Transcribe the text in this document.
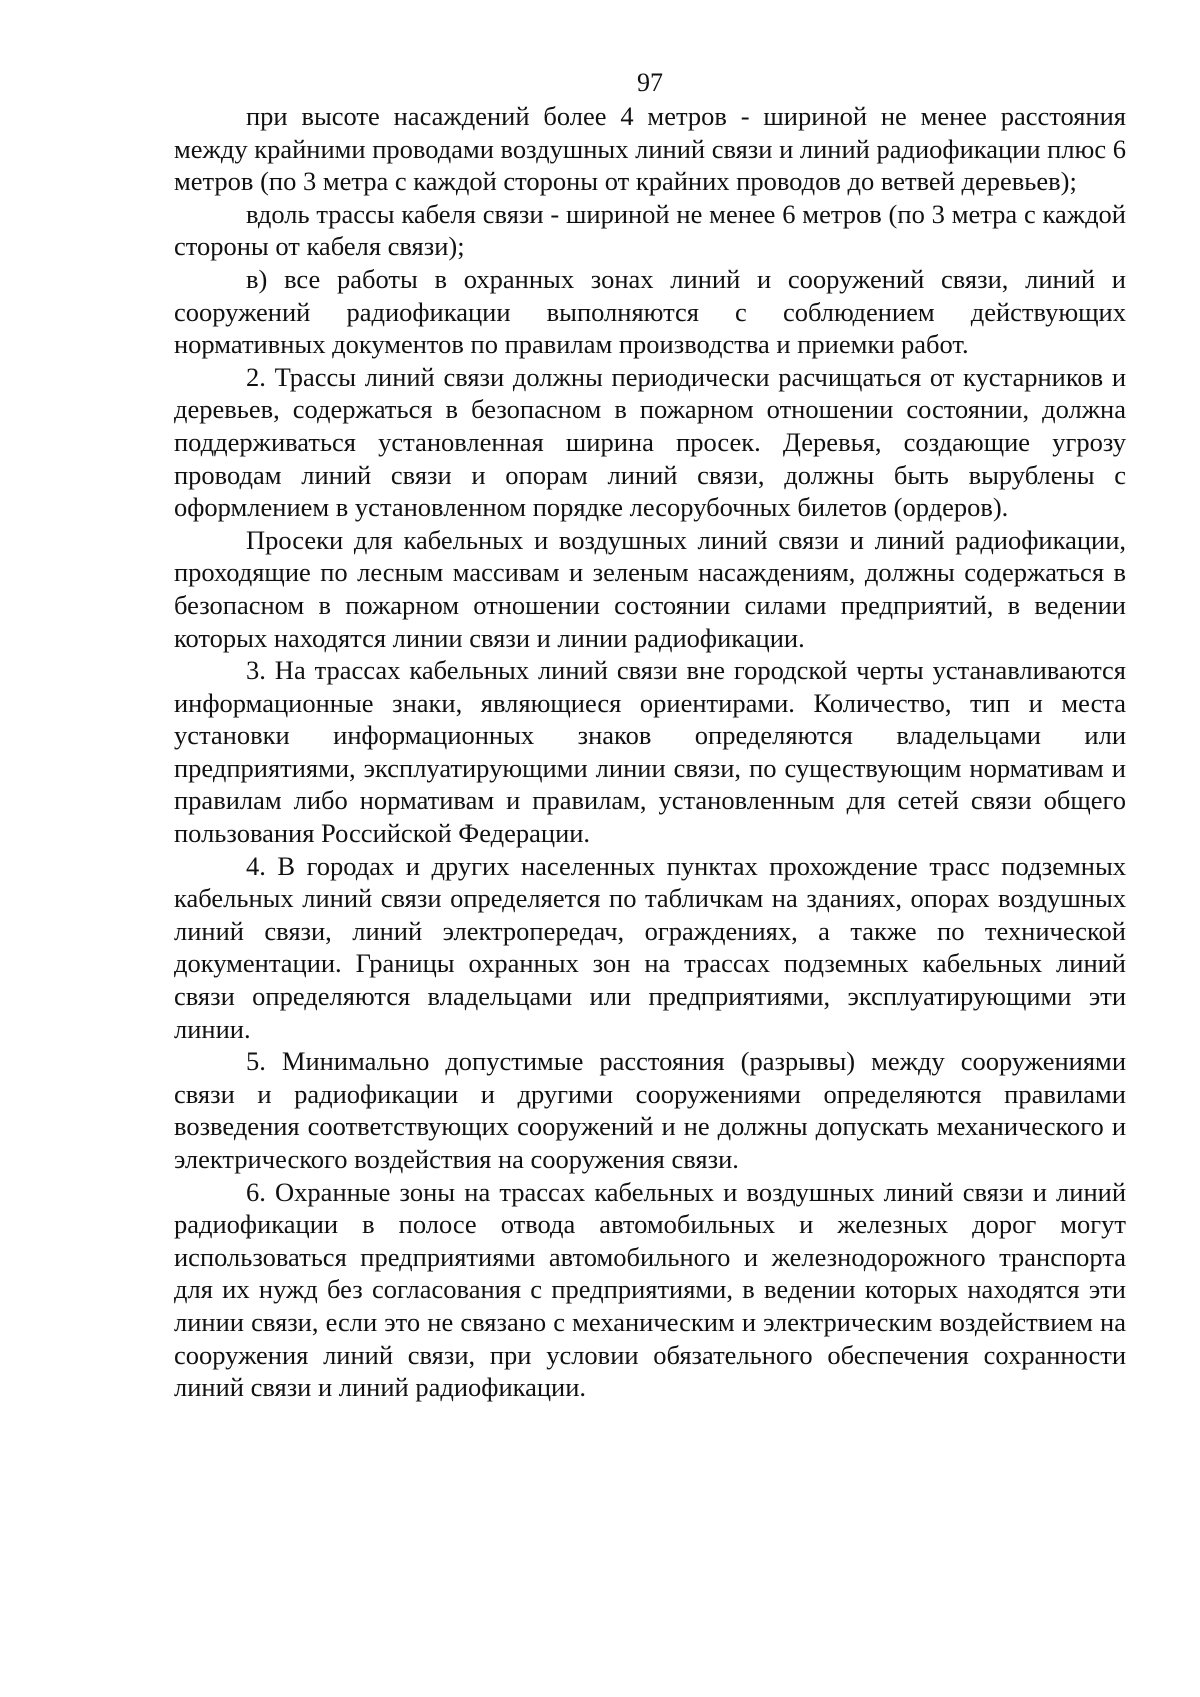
97

при высоте насаждений более 4 метров - шириной не менее расстояния между крайними проводами воздушных линий связи и линий радиофикации плюс 6 метров (по 3 метра с каждой стороны от крайних проводов до ветвей деревьев);

вдоль трассы кабеля связи - шириной не менее 6 метров (по 3 метра с каждой стороны от кабеля связи);

в) все работы в охранных зонах линий и сооружений связи, линий и сооружений радиофикации выполняются с соблюдением действующих нормативных документов по правилам производства и приемки работ.

2. Трассы линий связи должны периодически расчищаться от кустарников и деревьев, содержаться в безопасном в пожарном отношении состоянии, должна поддерживаться установленная ширина просек. Деревья, создающие угрозу проводам линий связи и опорам линий связи, должны быть вырублены с оформлением в установленном порядке лесорубочных билетов (ордеров).

Просеки для кабельных и воздушных линий связи и линий радиофикации, проходящие по лесным массивам и зеленым насаждениям, должны содержаться в безопасном в пожарном отношении состоянии силами предприятий, в ведении которых находятся линии связи и линии радиофикации.

3. На трассах кабельных линий связи вне городской черты устанавливаются информационные знаки, являющиеся ориентирами. Количество, тип и места установки информационных знаков определяются владельцами или предприятиями, эксплуатирующими линии связи, по существующим нормативам и правилам либо нормативам и правилам, установленным для сетей связи общего пользования Российской Федерации.

4. В городах и других населенных пунктах прохождение трасс подземных кабельных линий связи определяется по табличкам на зданиях, опорах воздушных линий связи, линий электропередач, ограждениях, а также по технической документации. Границы охранных зон на трассах подземных кабельных линий связи определяются владельцами или предприятиями, эксплуатирующими эти линии.

5. Минимально допустимые расстояния (разрывы) между сооружениями связи и радиофикации и другими сооружениями определяются правилами возведения соответствующих сооружений и не должны допускать механического и электрического воздействия на сооружения связи.

6. Охранные зоны на трассах кабельных и воздушных линий связи и линий радиофикации в полосе отвода автомобильных и железных дорог могут использоваться предприятиями автомобильного и железнодорожного транспорта для их нужд без согласования с предприятиями, в ведении которых находятся эти линии связи, если это не связано с механическим и электрическим воздействием на сооружения линий связи, при условии обязательного обеспечения сохранности линий связи и линий радиофикации.
